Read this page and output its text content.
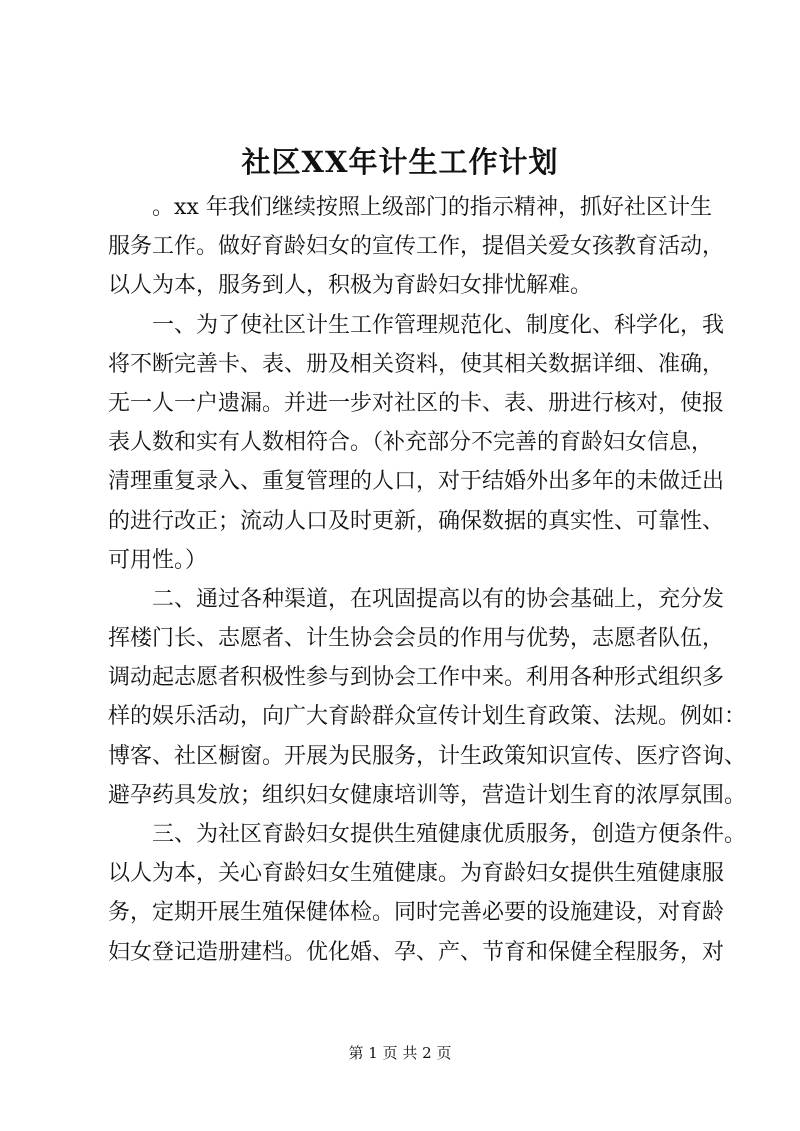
社区XX年计生工作计划
。xx 年我们继续按照上级部门的指示精神，抓好社区计生
服务工作。做好育龄妇女的宣传工作，提倡关爱女孩教育活动，
以人为本，服务到人，积极为育龄妇女排忧解难。
一、为了使社区计生工作管理规范化、制度化、科学化，我
将不断完善卡、表、册及相关资料，使其相关数据详细、准确，
无一人一户遗漏。并进一步对社区的卡、表、册进行核对，使报
表人数和实有人数相符合。（补充部分不完善的育龄妇女信息，
清理重复录入、重复管理的人口，对于结婚外出多年的未做迁出
的进行改正；流动人口及时更新，确保数据的真实性、可靠性、
可用性。）
二、通过各种渠道，在巩固提高以有的协会基础上，充分发
挥楼门长、志愿者、计生协会会员的作用与优势，志愿者队伍，
调动起志愿者积极性参与到协会工作中来。利用各种形式组织多
样的娱乐活动，向广大育龄群众宣传计划生育政策、法规。例如：
博客、社区橱窗。开展为民服务，计生政策知识宣传、医疗咨询、
避孕药具发放；组织妇女健康培训等，营造计划生育的浓厚氛围。
三、为社区育龄妇女提供生殖健康优质服务，创造方便条件。
以人为本，关心育龄妇女生殖健康。为育龄妇女提供生殖健康服
务，定期开展生殖保健体检。同时完善必要的设施建设，对育龄
妇女登记造册建档。优化婚、孕、产、节育和保健全程服务，对
第 1 页 共 2 页
